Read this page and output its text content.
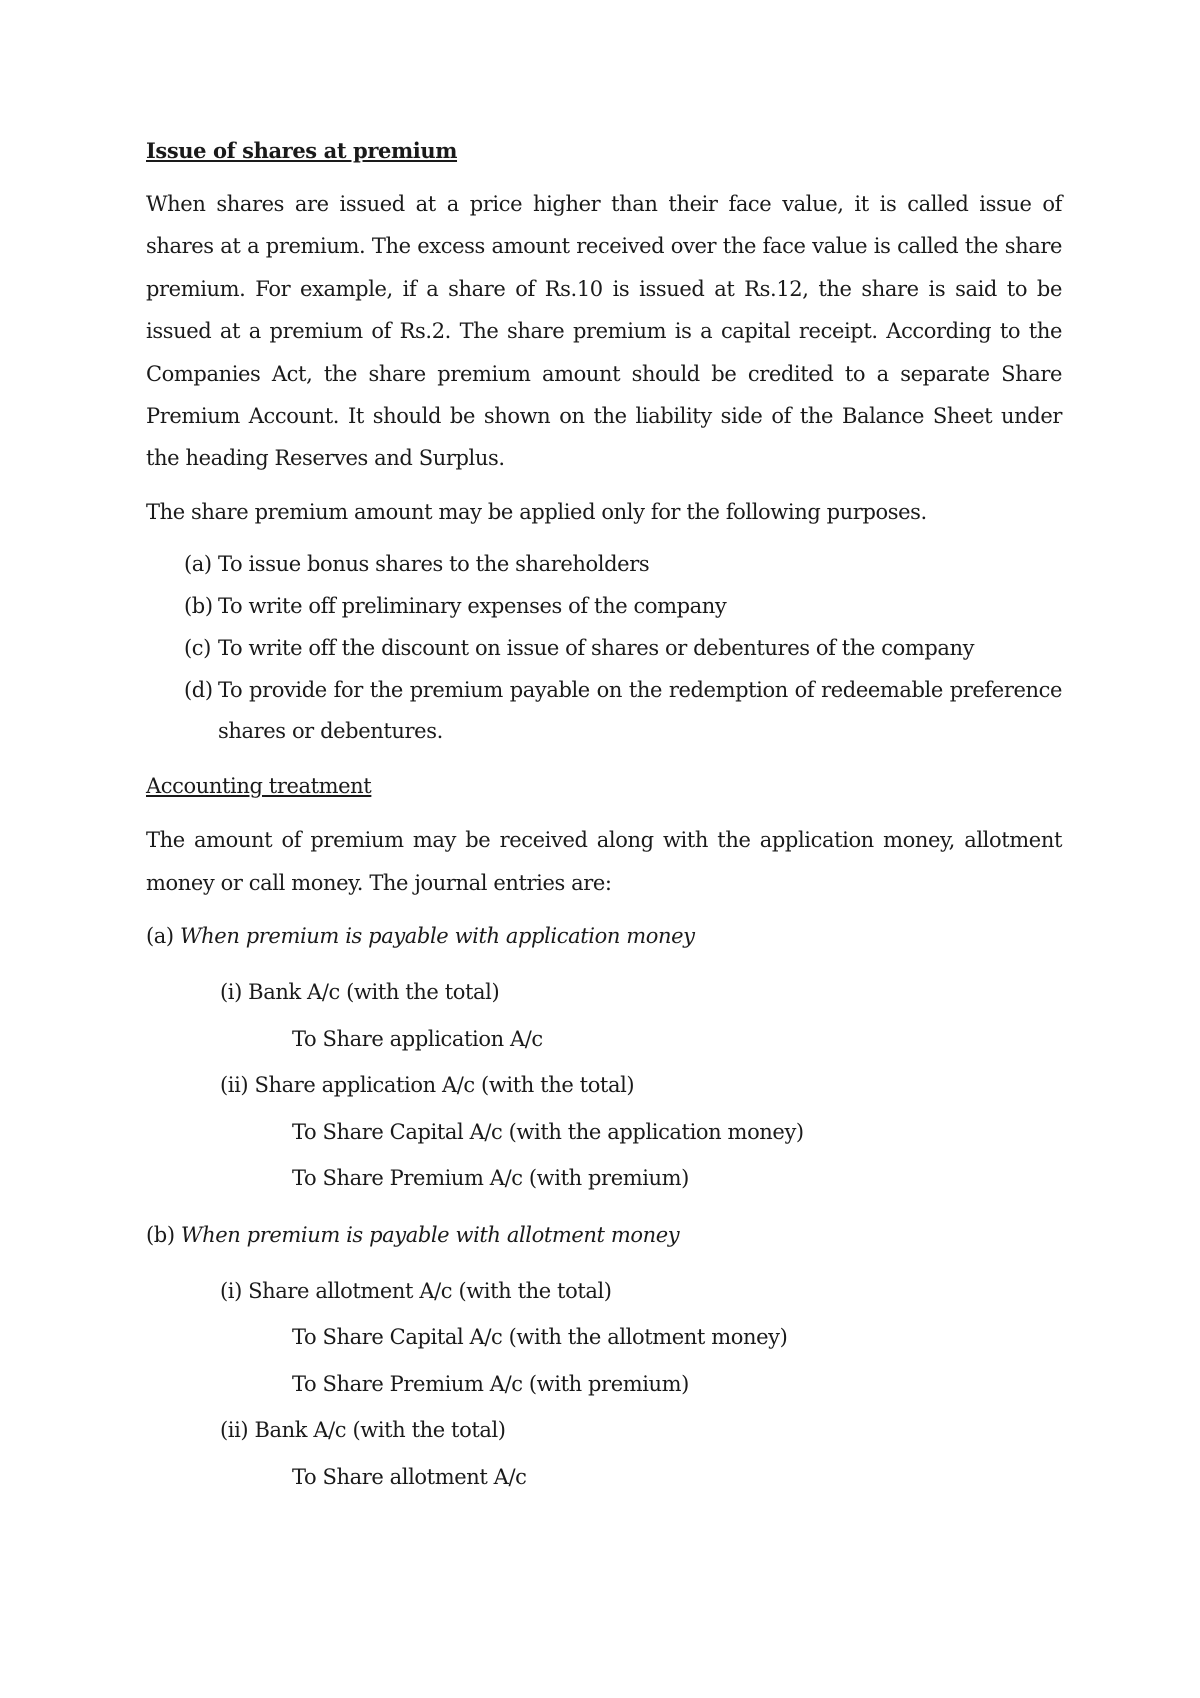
Issue of shares at premium

When shares are issued at a price higher than their face value, it is called issue of shares at a premium. The excess amount received over the face value is called the share premium. For example, if a share of Rs.10 is issued at Rs.12, the share is said to be issued at a premium of Rs.2. The share premium is a capital receipt. According to the Companies Act, the share premium amount should be credited to a separate Share Premium Account. It should be shown on the liability side of the Balance Sheet under the heading Reserves and Surplus.

The share premium amount may be applied only for the following purposes.

(a) To issue bonus shares to the shareholders
(b) To write off preliminary expenses of the company
(c) To write off the discount on issue of shares or debentures of the company
(d) To provide for the premium payable on the redemption of redeemable preference shares or debentures.
Accounting treatment

The amount of premium may be received along with the application money, allotment money or call money. The journal entries are:

(a) When premium is payable with application money
(i) Bank A/c (with the total)
To Share application A/c
(ii) Share application A/c (with the total)
To Share Capital A/c (with the application money)
To Share Premium A/c (with premium)
(b) When premium is payable with allotment money
(i) Share allotment A/c (with the total)
To Share Capital A/c (with the allotment money)
To Share Premium A/c (with premium)
(ii) Bank A/c (with the total)
To Share allotment A/c
